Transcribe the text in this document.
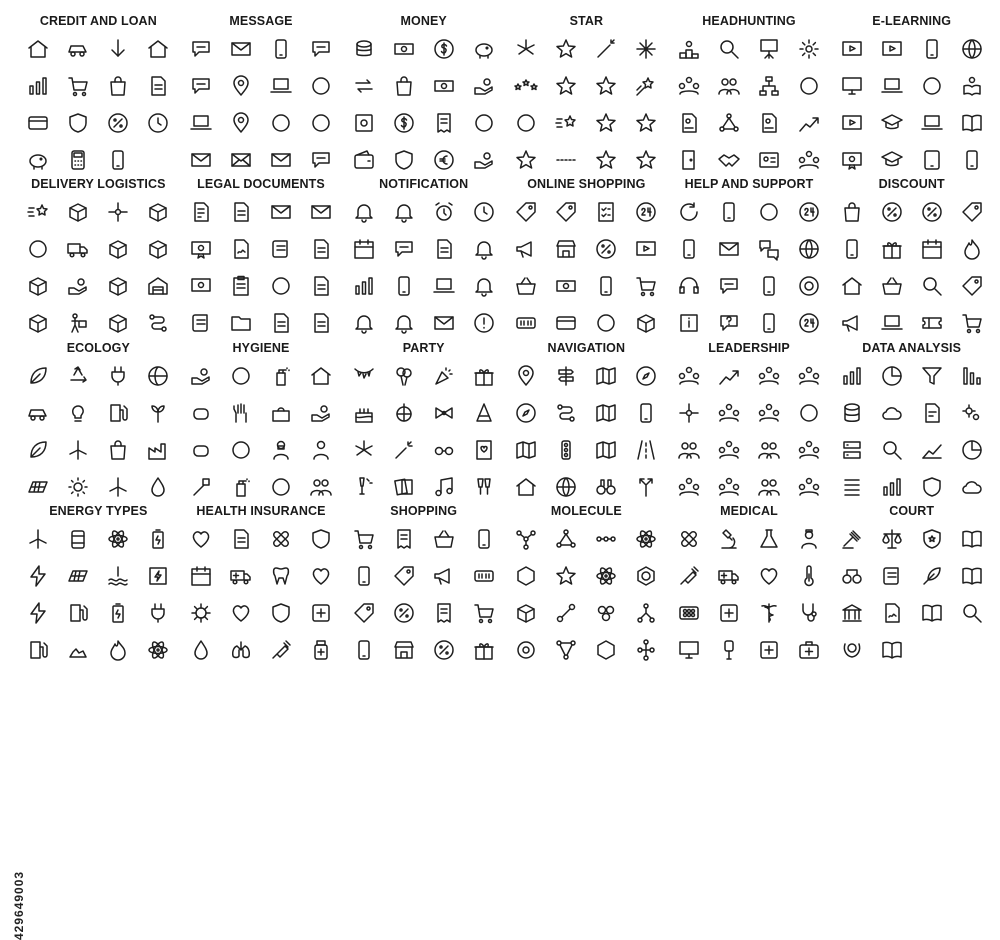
CREDIT AND LOAN	MESSAGE	MONEY	STAR	HEADHUNTING	E-LEARNING
DELIVERY LOGISTICS	LEGAL DOCUMENTS	NOTIFICATION	ONLINE SHOPPING	HELP AND SUPPORT	DISCOUNT
ECOLOGY	HYGIENE	PARTY	NAVIGATION	LEADERSHIP	DATA ANALYSIS
ENERGY TYPES	HEALTH INSURANCE	SHOPPING	MOLECULE	MEDICAL	COURT
429649003
